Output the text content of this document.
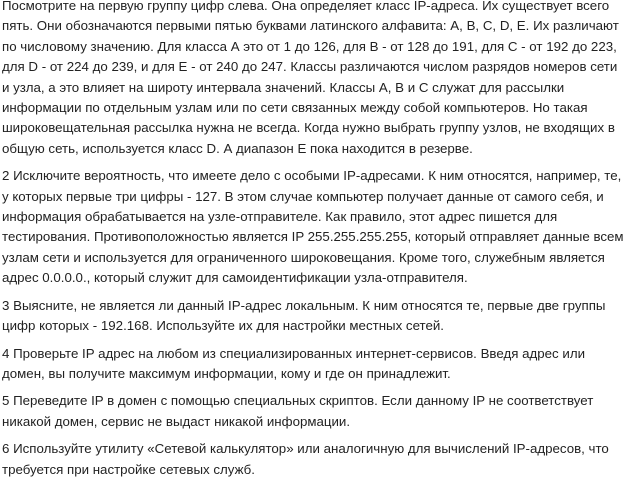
Посмотрите на первую группу цифр слева. Она определяет класс IP-адреса. Их существует всего пять. Они обозначаются первыми пятью буквами латинского алфавита: A, B, C, D, E. Их различают по числовому значению. Для класса А это от 1 до 126, для В - от 128 до 191, для С - от 192 до 223, для D - от 224 до 239, и для Е - от 240 до 247. Классы различаются числом разрядов номеров сети и узла, а это влияет на широту интервала значений. Классы А, В и С служат для рассылки информации по отдельным узлам или по сети связанных между собой компьютеров. Но такая широковещательная рассылка нужна не всегда. Когда нужно выбрать группу узлов, не входящих в общую сеть, используется класс D. А диапазон Е пока находится в резерве.

2 Исключите вероятность, что имеете дело с особыми IP-адресами. К ним относятся, например, те, у которых первые три цифры - 127. В этом случае компьютер получает данные от самого себя, и информация обрабатывается на узле-отправителе. Как правило, этот адрес пишется для тестирования. Противоположностью является IP 255.255.255.255, который отправляет данные всем узлам сети и используется для ограниченного широковещания. Кроме того, служебным является адрес 0.0.0.0., который служит для самоидентификации узла-отправителя.

3 Выясните, не является ли данный IP-адрес локальным. К ним относятся те, первые две группы цифр которых - 192.168. Используйте их для настройки местных сетей.

4 Проверьте IP адрес на любом из специализированных интернет-сервисов. Введя адрес или домен, вы получите максимум информации, кому и где он принадлежит.

5 Переведите IP в домен с помощью специальных скриптов. Если данному IP не соответствует никакой домен, сервис не выдаст никакой информации.

6 Используйте утилиту «Сетевой калькулятор» или аналогичную для вычислений IP-адресов, что требуется при настройке сетевых служб.
